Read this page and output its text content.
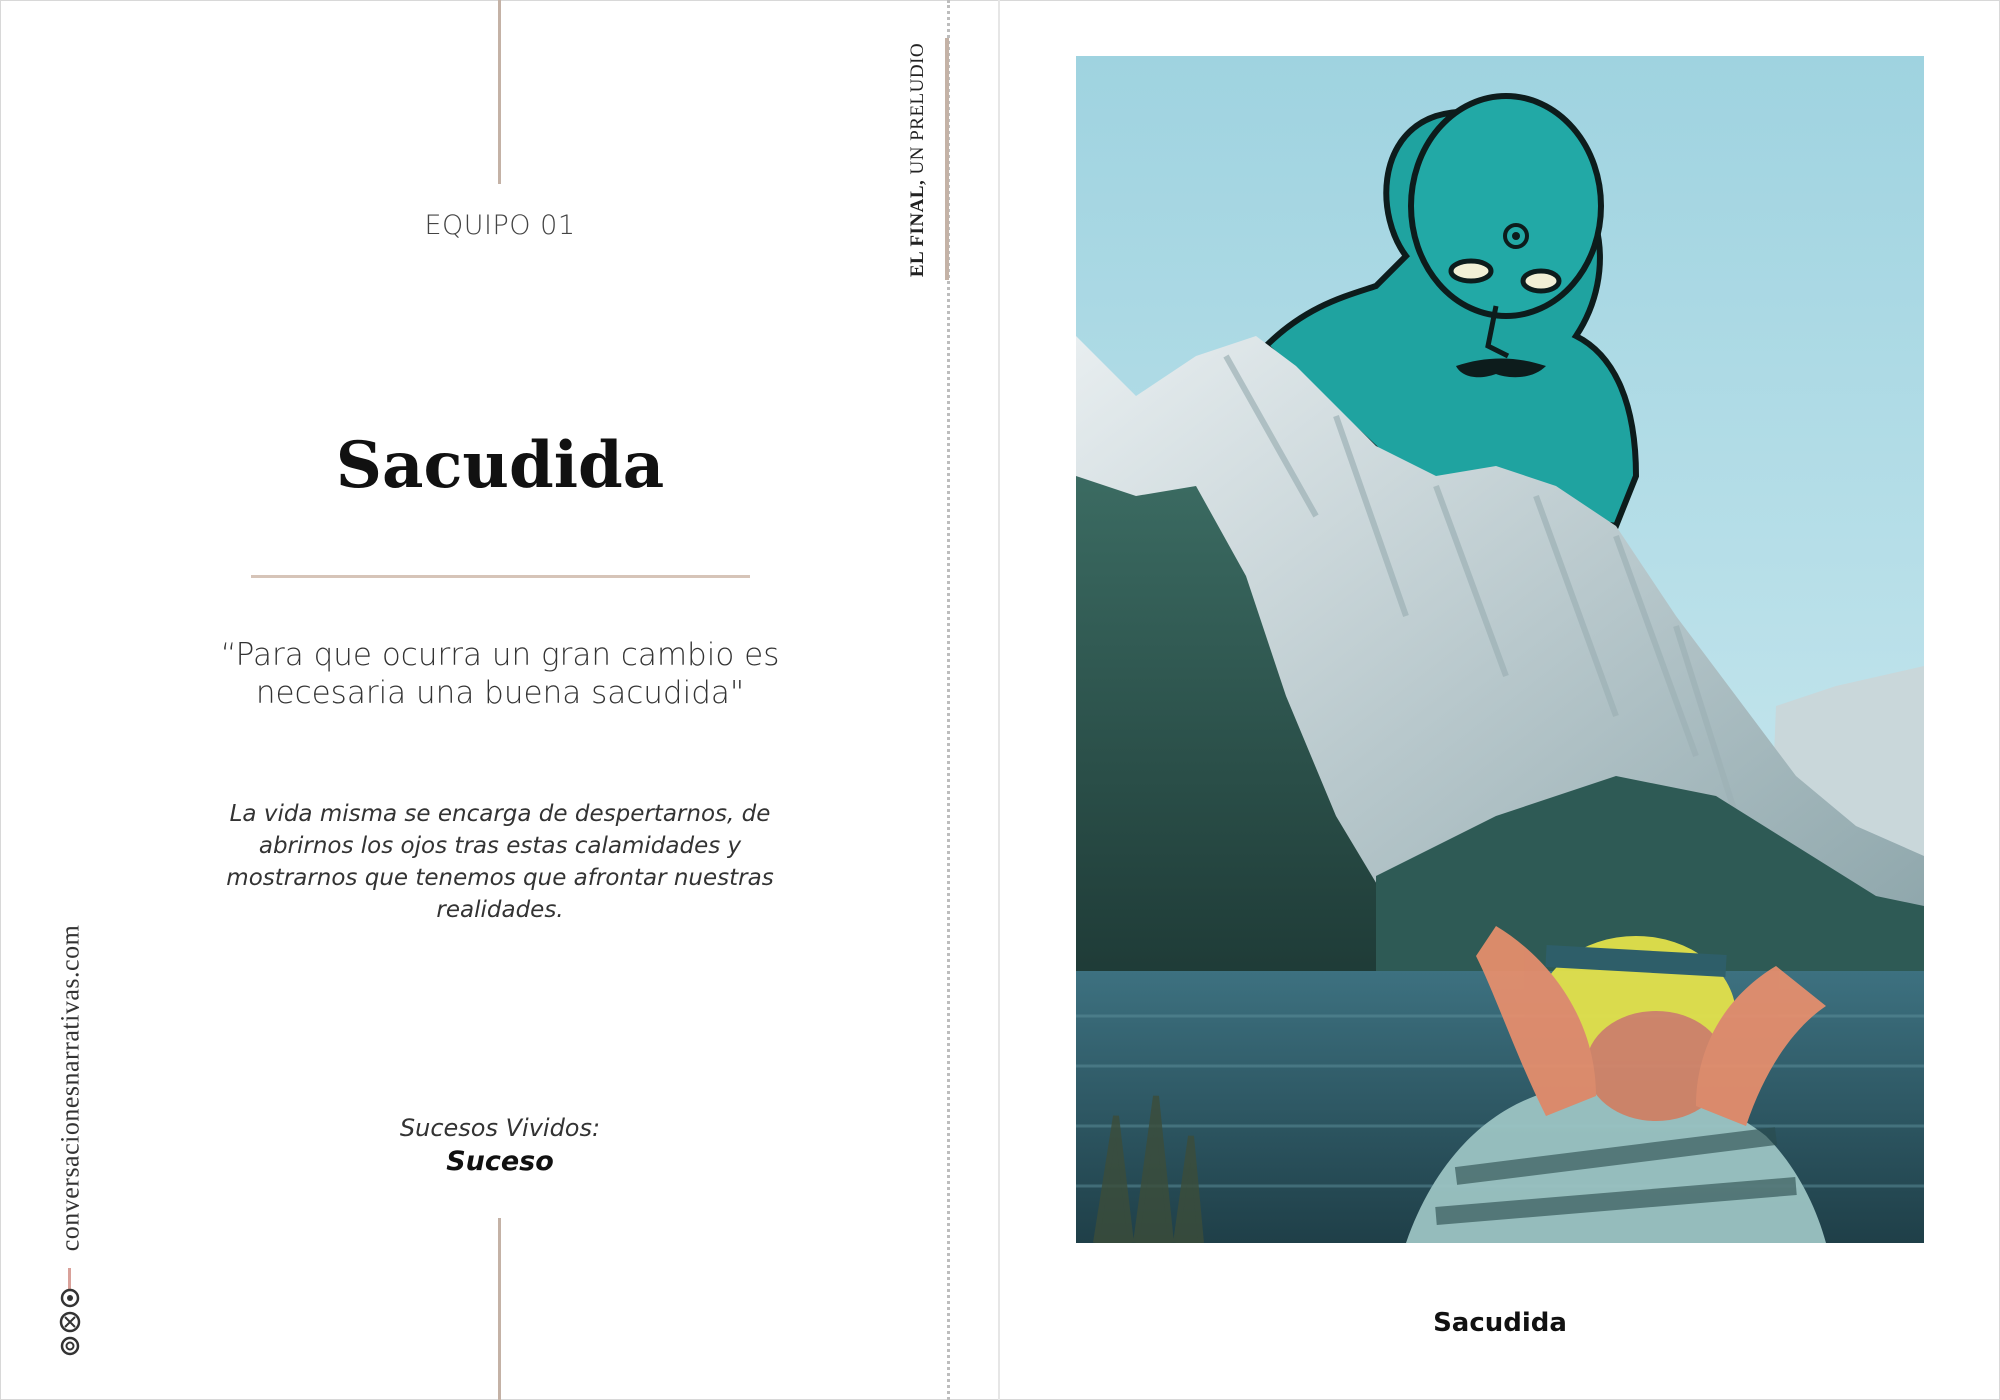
EL FINAL, UN PRELUDIO
EQUIPO 01
Sacudida
“Para que ocurra un gran cambio es necesaria una buena sacudida"
La vida misma se encarga de despertarnos, de abrirnos los ojos tras estas calamidades y mostrarnos que tenemos que afrontar nuestras realidades.
Sucesos Vividos:
Suceso
conversacionesnarrativas.com
Sacudida
